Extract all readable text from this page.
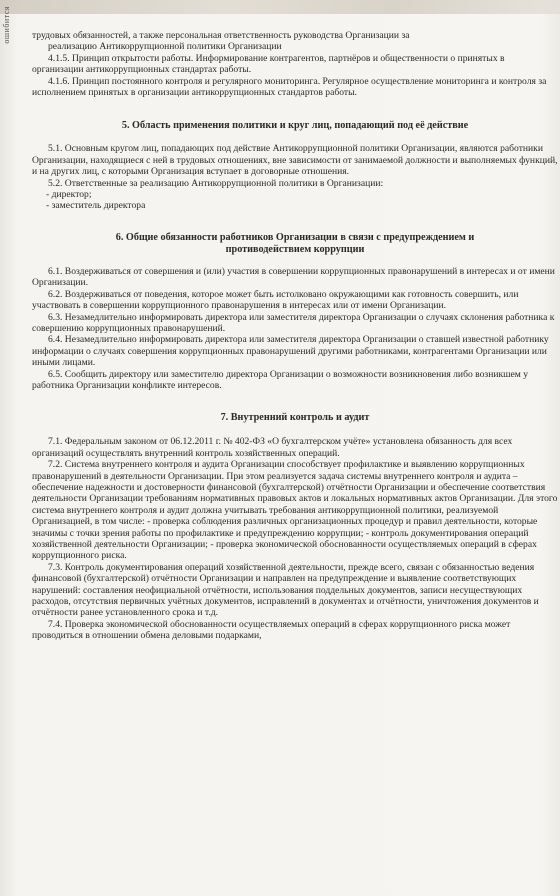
ошибится трудовых обязанностей, а также персональная ответственность руководства Организации за

реализацию Антикоррупционной политики Организации

4.1.5. Принцип открытости работы. Информирование контрагентов, партнёров и общественности о принятых в организации антикоррупционных стандартах работы.

4.1.6. Принцип постоянного контроля и регулярного мониторинга. Регулярное осуществление мониторинга и контроля за исполнением принятых в организации антикоррупционных стандартов работы.

5. Область применения политики и круг лиц, попадающий под её действие

5.1. Основным кругом лиц, попадающих под действие Антикоррупционной политики Организации, являются работники Организации, находящиеся с ней в трудовых отношениях, вне зависимости от занимаемой должности и выполняемых функций, и на других лиц, с которыми Организация вступает в договорные отношения.

5.2. Ответственные за реализацию Антикоррупционной политики в Организации:

- директор;

- заместитель директора

6. Общие обязанности работников Организации в связи с предупреждением и противодействием коррупции

6.1. Воздерживаться от совершения и (или) участия в совершении коррупционных правонарушений в интересах и от имени Организации.

6.2. Воздерживаться от поведения, которое может быть истолковано окружающими как готовность совершить, или участвовать в совершении коррупционного правонарушения в интересах или от имени Организации.

6.3. Незамедлительно информировать директора или заместителя директора Организации о случаях склонения работника к совершению коррупционных правонарушений.

6.4. Незамедлительно информировать директора или заместителя директора Организации о ставшей известной работнику информации о случаях совершения коррупционных правонарушений другими работниками, контрагентами Организации или иными лицами.

6.5. Сообщить директору или заместителю директора Организации о возможности возникновения либо возникшем у работника Организации конфликте интересов.

7. Внутренний контроль и аудит

7.1. Федеральным законом от 06.12.2011 г. № 402-ФЗ «О бухгалтерском учёте» установлена обязанность для всех организаций осуществлять внутренний контроль хозяйственных операций.

7.2. Система внутреннего контроля и аудита Организации способствует профилактике и выявлению коррупционных правонарушений в деятельности Организации. При этом реализуется задача системы внутреннего контроля и аудита – обеспечение надежности и достоверности финансовой (бухгалтерской) отчётности Организации и обеспечение соответствия деятельности Организации требованиям нормативных правовых актов и локальных нормативных актов Организации. Для этого система внутреннего контроля и аудит должна учитывать требования антикоррупционной политики, реализуемой Организацией, в том числе: - проверка соблюдения различных организационных процедур и правил деятельности, которые значимы с точки зрения работы по профилактике и предупреждению коррупции; - контроль документирования операций хозяйственной деятельности Организации; - проверка экономической обоснованности осуществляемых операций в сферах коррупционного риска.

7.3. Контроль документирования операций хозяйственной деятельности, прежде всего, связан с обязанностью ведения финансовой (бухгалтерской) отчётности Организации и направлен на предупреждение и выявление соответствующих нарушений: составления неофициальной отчётности, использования поддельных документов, записи несуществующих расходов, отсутствия первичных учётных документов, исправлений в документах и отчётности, уничтожения документов и отчётности ранее установленного срока и т.д.

7.4. Проверка экономической обоснованности осуществляемых операций в сферах коррупционного риска может проводиться в отношении обмена деловыми подарками,
